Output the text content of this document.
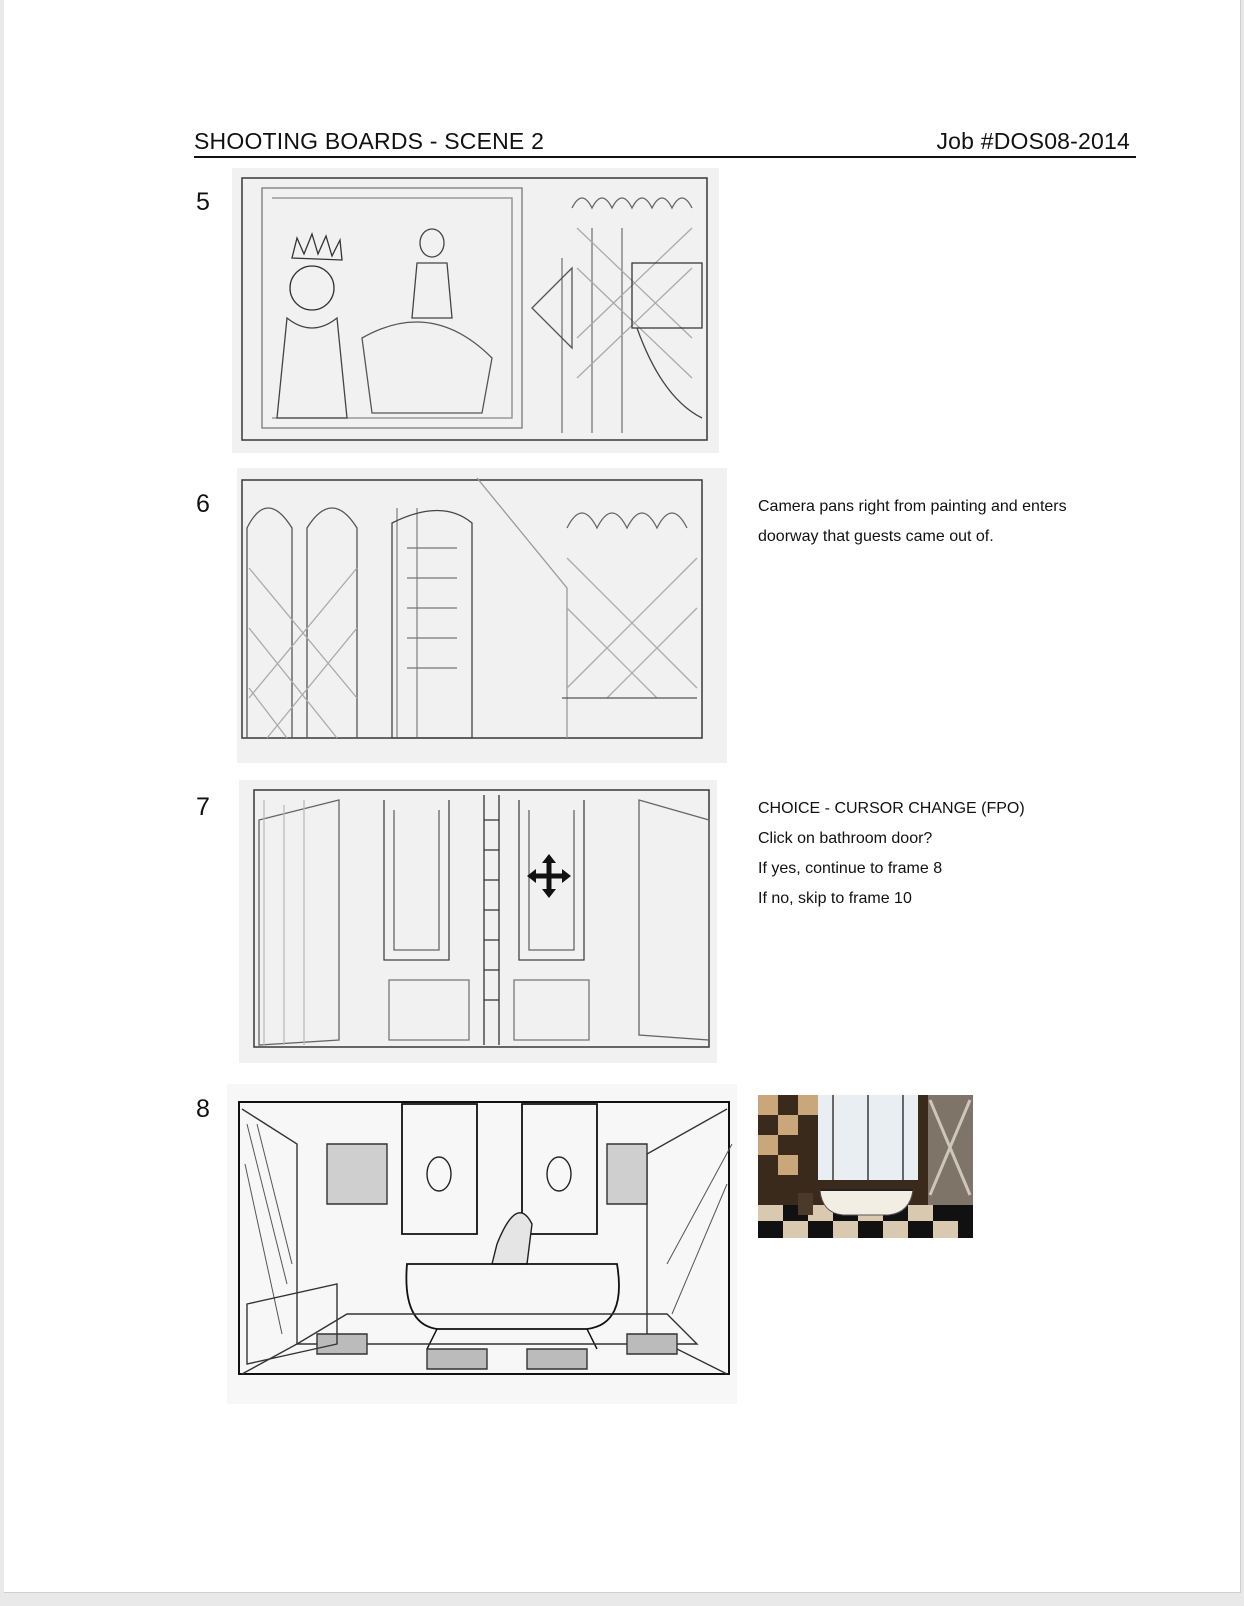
SHOOTING BOARDS - SCENE 2	Job #DOS08-2014
5
6	Camera pans right from painting and enters
doorway that guests came out of.
7	CHOICE - CURSOR CHANGE (FPO)
Click on bathroom door?
If yes, continue to frame 8
If no, skip to frame 10
8
